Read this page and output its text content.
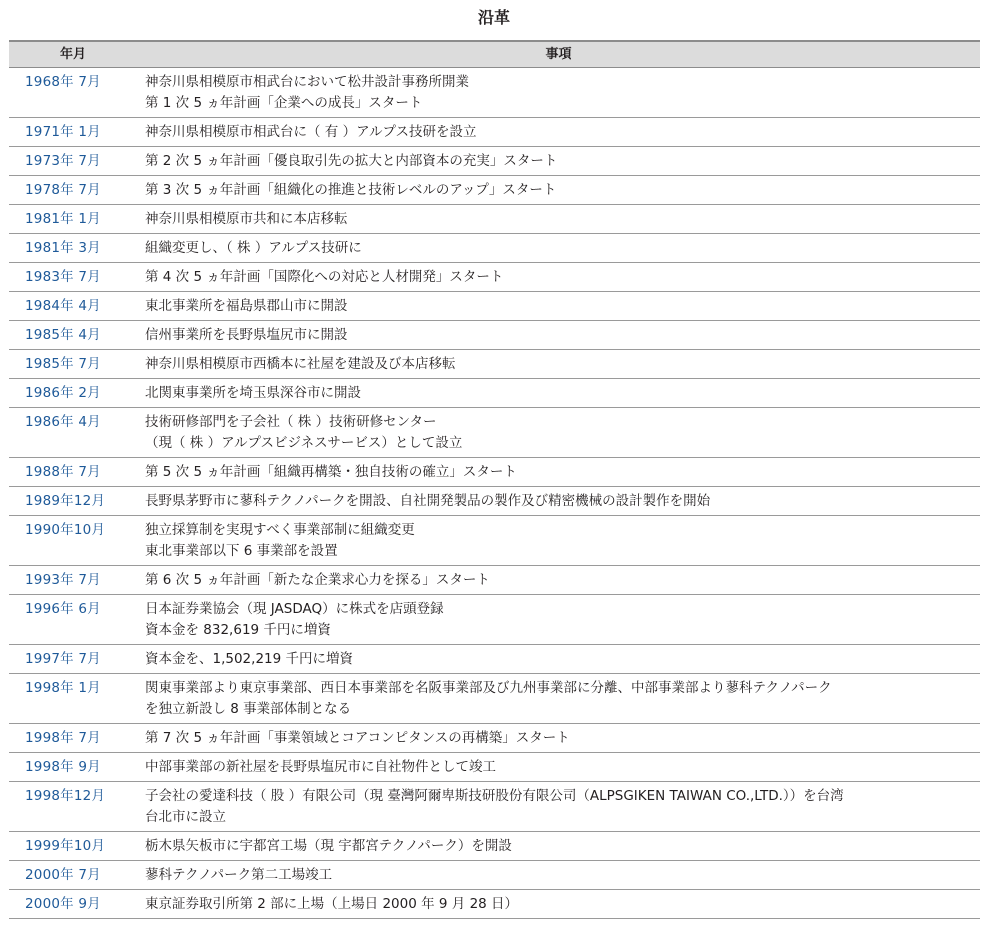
沿革
年月	事項
1968年 7月	神奈川県相模原市相武台において松井設計事務所開業
第 1 次 5 ヵ年計画「企業への成長」スタート

1971年 1月	神奈川県相模原市相武台に（ 有 ）アルプス技研を設立

1973年 7月	第 2 次 5 ヵ年計画「優良取引先の拡大と内部資本の充実」スタート

1978年 7月	第 3 次 5 ヵ年計画「組織化の推進と技術レベルのアップ」スタート

1981年 1月	神奈川県相模原市共和に本店移転

1981年 3月	組織変更し、（ 株 ）アルプス技研に

1983年 7月	第 4 次 5 ヵ年計画「国際化への対応と人材開発」スタート

1984年 4月	東北事業所を福島県郡山市に開設

1985年 4月	信州事業所を長野県塩尻市に開設

1985年 7月	神奈川県相模原市西橋本に社屋を建設及び本店移転

1986年 2月	北関東事業所を埼玉県深谷市に開設

1986年 4月	技術研修部門を子会社（ 株 ）技術研修センター
（現（ 株 ）アルプスビジネスサービス）として設立

1988年 7月	第 5 次 5 ヵ年計画「組織再構築・独自技術の確立」スタート

1989年12月	長野県茅野市に蓼科テクノパークを開設、自社開発製品の製作及び精密機械の設計製作を開始

1990年10月	独立採算制を実現すべく事業部制に組織変更
東北事業部以下 6 事業部を設置

1993年 7月	第 6 次 5 ヵ年計画「新たな企業求心力を探る」スタート

1996年 6月	日本証券業協会（現 JASDAQ）に株式を店頭登録
資本金を 832,619 千円に増資

1997年 7月	資本金を、1,502,219 千円に増資

1998年 1月	関東事業部より東京事業部、西日本事業部を名阪事業部及び九州事業部に分離、中部事業部より蓼科テクノパーク
を独立新設し 8 事業部体制となる

1998年 7月	第 7 次 5 ヵ年計画「事業領域とコアコンピタンスの再構築」スタート

1998年 9月	中部事業部の新社屋を長野県塩尻市に自社物件として竣工

1998年12月	子会社の愛達科技（ 股 ）有限公司（現 臺灣阿爾卑斯技研股份有限公司（ALPSGIKEN TAIWAN CO.,LTD.））を台湾
台北市に設立

1999年10月	栃木県矢板市に宇都宮工場（現 宇都宮テクノパーク）を開設

2000年 7月	蓼科テクノパーク第二工場竣工

2000年 9月	東京証券取引所第 2 部に上場（上場日 2000 年 9 月 28 日）
